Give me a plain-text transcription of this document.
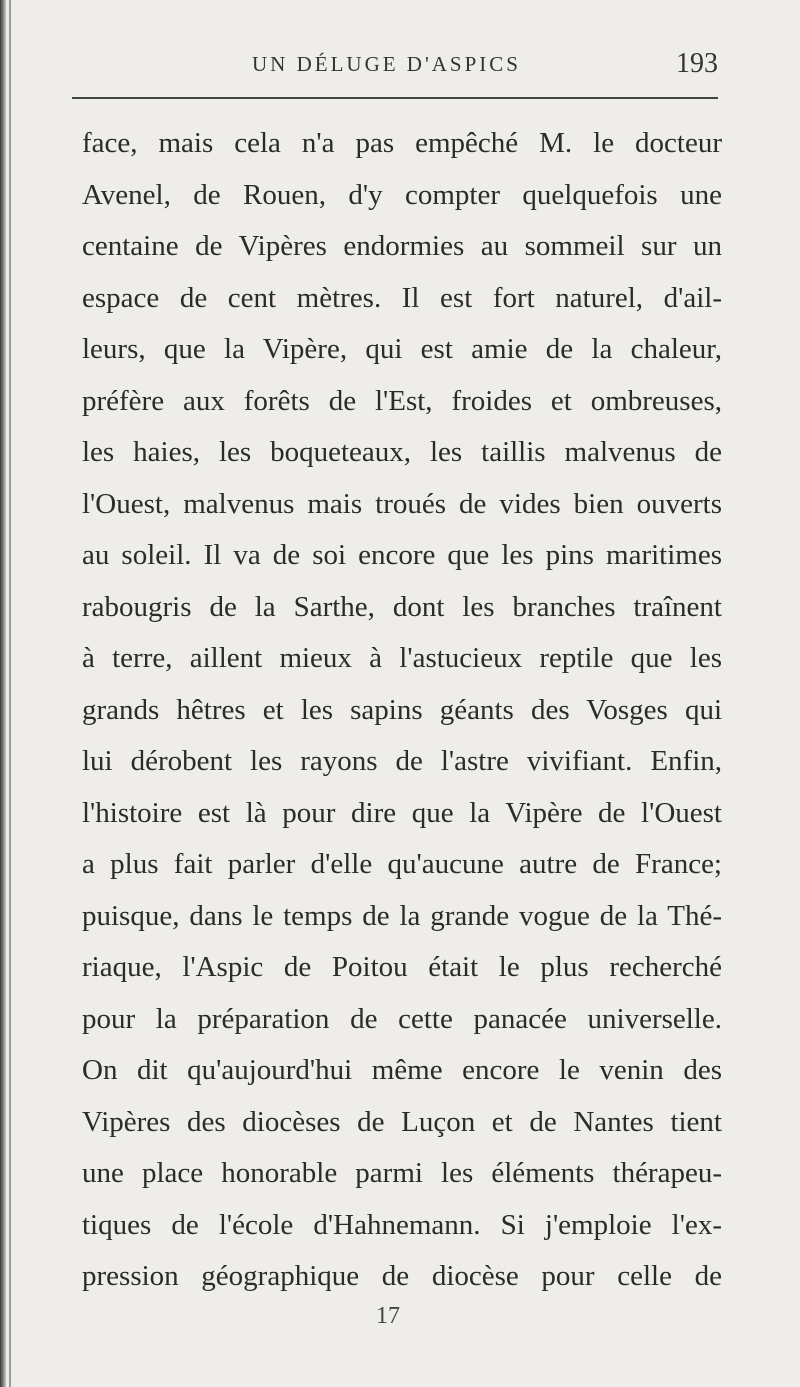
UN DÉLUGE D'ASPICS	193
face, mais cela n'a pas empêché M. le docteur
Avenel, de Rouen, d'y compter quelquefois une
centaine de Vipères endormies au sommeil sur un
espace de cent mètres. Il est fort naturel, d'ail-
leurs, que la Vipère, qui est amie de la chaleur,
préfère aux forêts de l'Est, froides et ombreuses,
les haies, les boqueteaux, les taillis malvenus de
l'Ouest, malvenus mais troués de vides bien ouverts
au soleil. Il va de soi encore que les pins maritimes
rabougris de la Sarthe, dont les branches traînent
à terre, aillent mieux à l'astucieux reptile que les
grands hêtres et les sapins géants des Vosges qui
lui dérobent les rayons de l'astre vivifiant. Enfin,
l'histoire est là pour dire que la Vipère de l'Ouest
a plus fait parler d'elle qu'aucune autre de France;
puisque, dans le temps de la grande vogue de la Thé-
riaque, l'Aspic de Poitou était le plus recherché
pour la préparation de cette panacée universelle.
On dit qu'aujourd'hui même encore le venin des
Vipères des diocèses de Luçon et de Nantes tient
une place honorable parmi les éléments thérapeu-
tiques de l'école d'Hahnemann. Si j'emploie l'ex-
pression géographique de diocèse pour celle de
17
